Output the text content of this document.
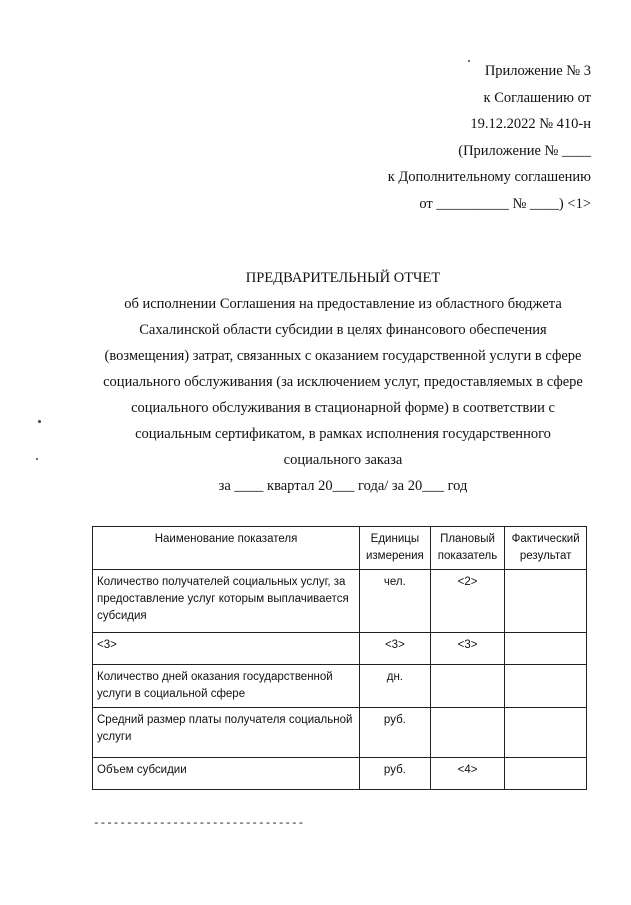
Приложение № 3
к Соглашению от
19.12.2022 № 410-н
(Приложение № ____
к Дополнительному соглашению
от __________ № ____) <1>
ПРЕДВАРИТЕЛЬНЫЙ ОТЧЕТ
об исполнении Соглашения на предоставление из областного бюджета
Сахалинской области субсидии в целях финансового обеспечения
(возмещения) затрат, связанных с оказанием государственной услуги в сфере
социального обслуживания (за исключением услуг, предоставляемых в сфере
социального обслуживания в стационарной форме) в соответствии с
социальным сертификатом, в рамках исполнения государственного
социального заказа
за ____ квартал 20___ года/ за 20___ год
Наименование показателя	Единицы измерения	Плановый показатель	Фактический результат
Количество получателей социальных услуг, за предоставление услуг которым выплачивается субсидия	чел.	<2>	
<3>	<3>	<3>	
Количество дней оказания государственной услуги в социальной сфере	дн.		
Средний размер платы получателя социальной услуги	руб.		
Объем субсидии	руб.	<4>	
--------------------------------
